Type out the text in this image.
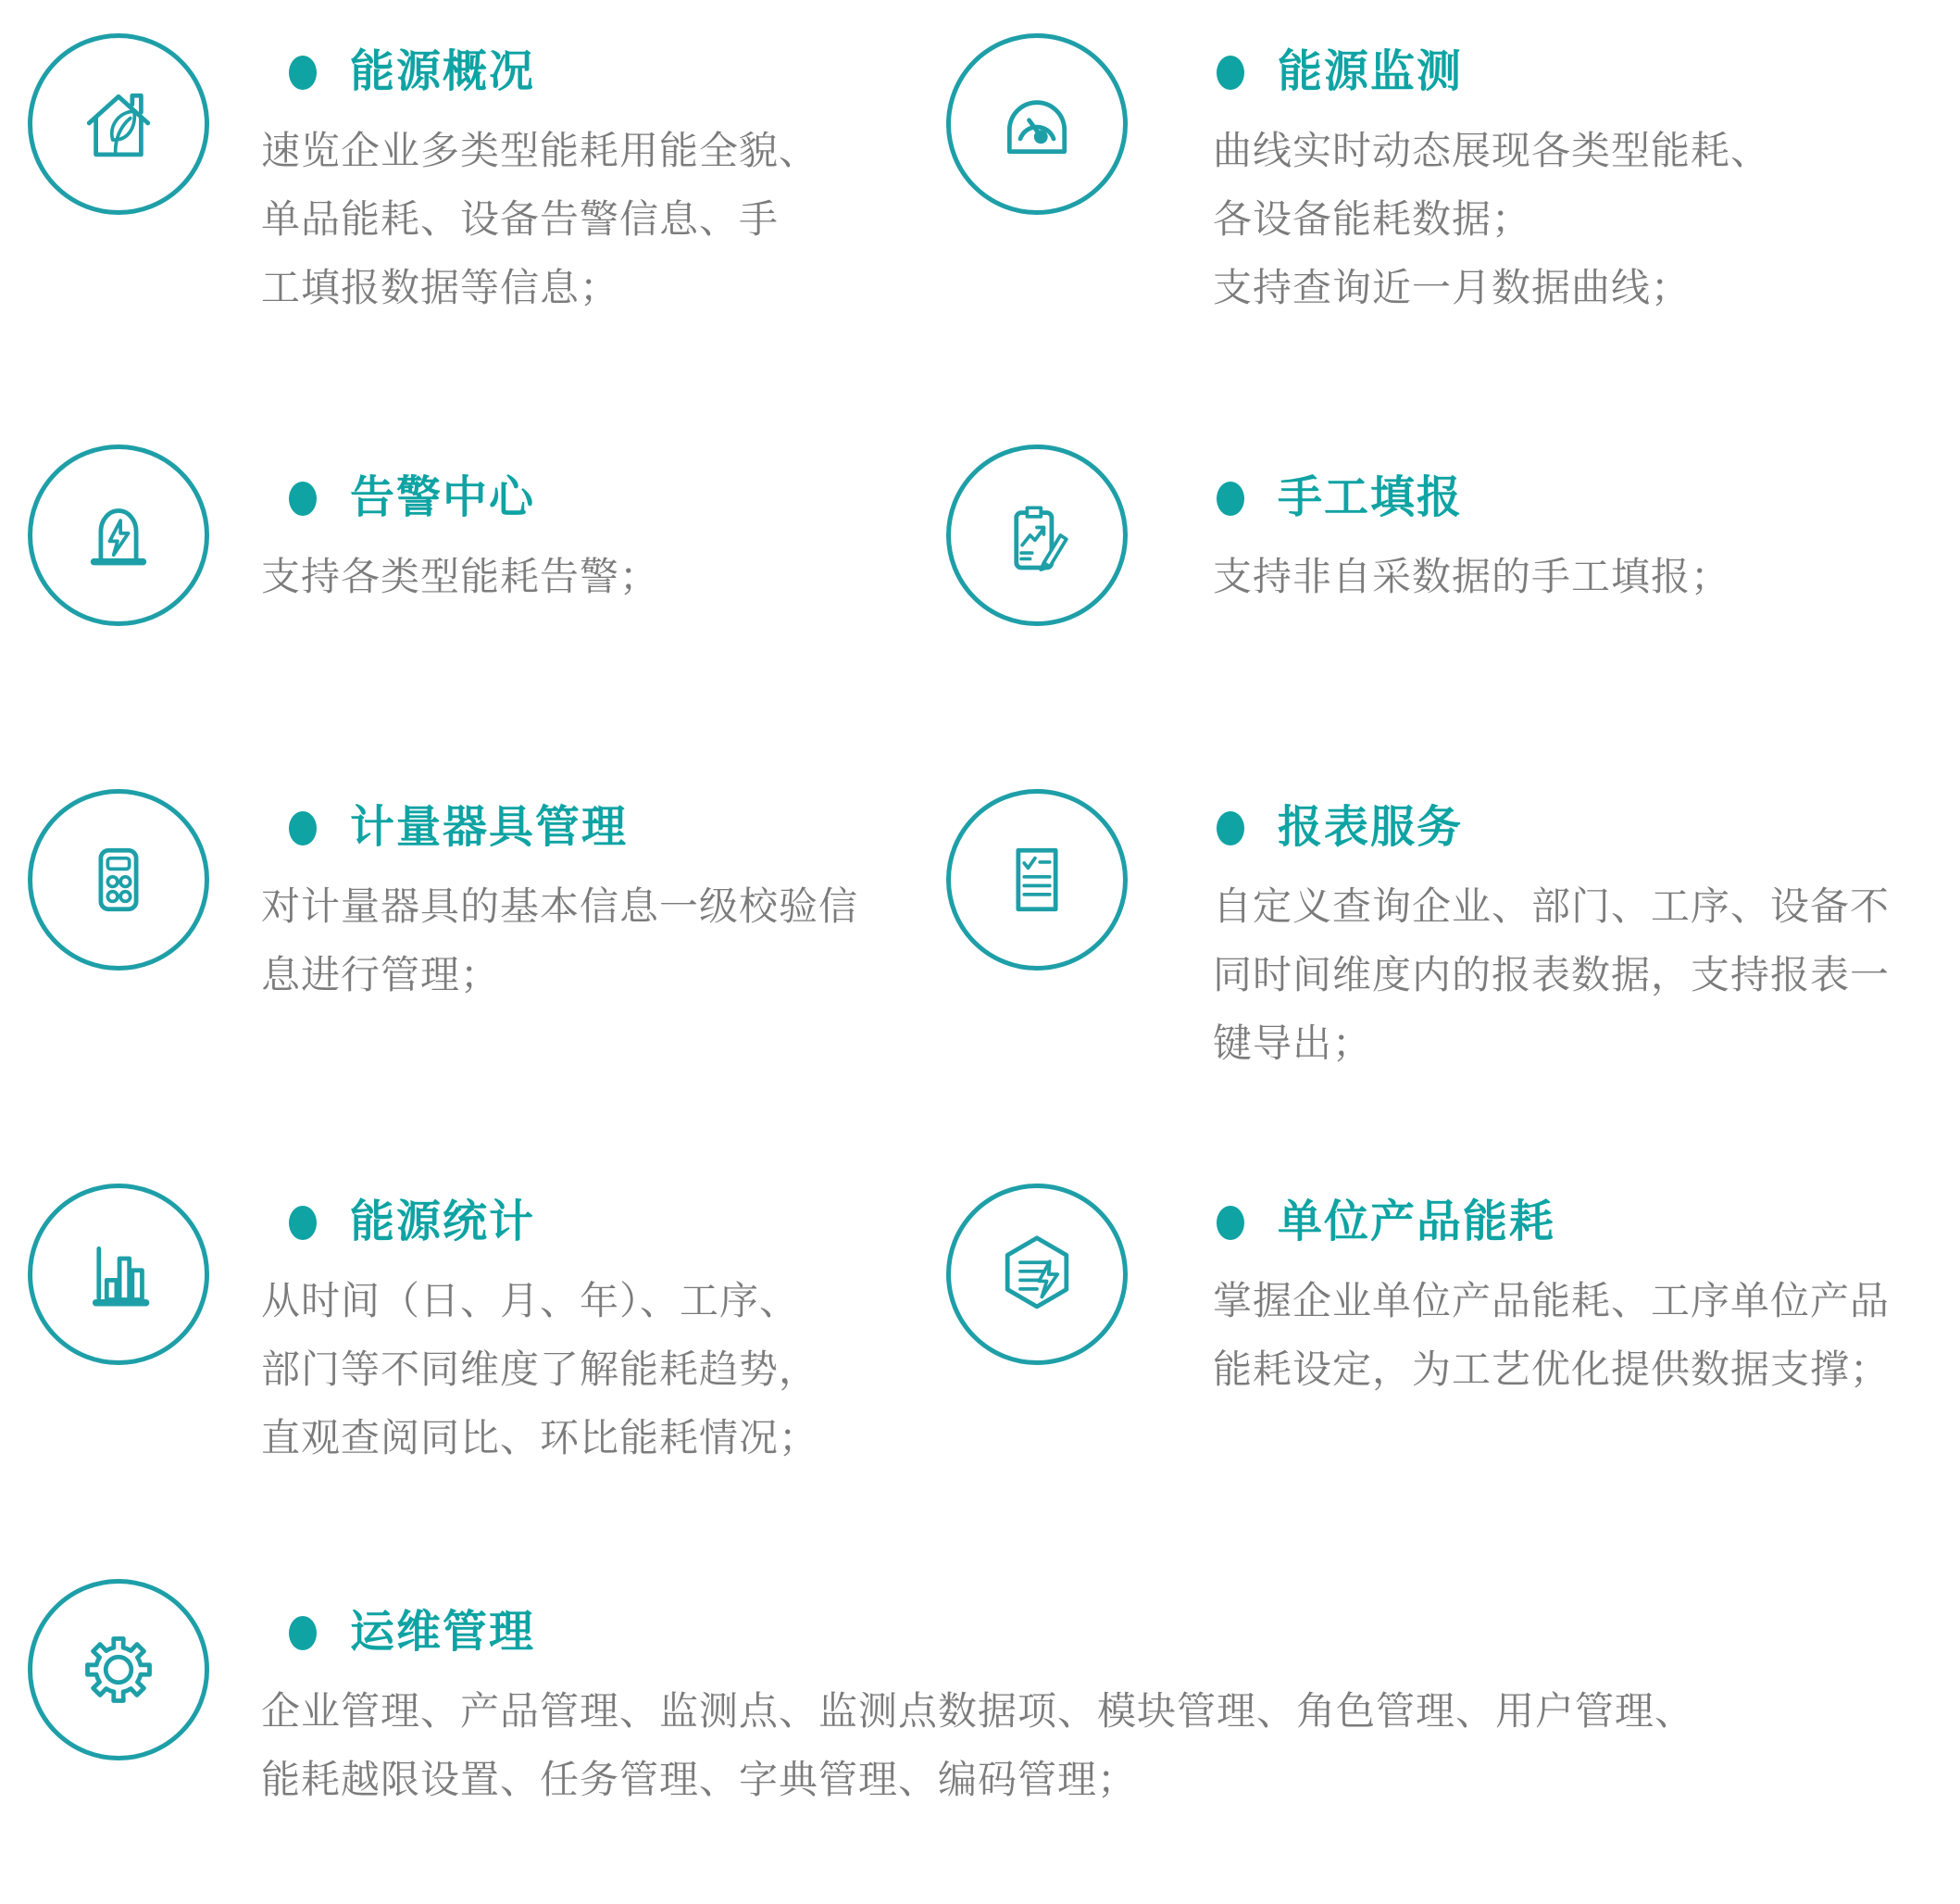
能源概况

速览企业多类型能耗用能全貌、
单品能耗、设备告警信息、手
工填报数据等信息；

能源监测

曲线实时动态展现各类型能耗、
各设备能耗数据；
支持查询近一月数据曲线；

告警中心

支持各类型能耗告警；

手工填报

支持非自采数据的手工填报；

计量器具管理

对计量器具的基本信息一级校验信
息进行管理；

报表服务

自定义查询企业、部门、工序、设备不
同时间维度内的报表数据，支持报表一
键导出；

能源统计

从时间（日、月、年）、工序、
部门等不同维度了解能耗趋势，
直观查阅同比、环比能耗情况；

单位产品能耗

掌握企业单位产品能耗、工序单位产品
能耗设定，为工艺优化提供数据支撑；

运维管理

企业管理、产品管理、监测点、监测点数据项、模块管理、角色管理、用户管理、
能耗越限设置、任务管理、字典管理、编码管理；
